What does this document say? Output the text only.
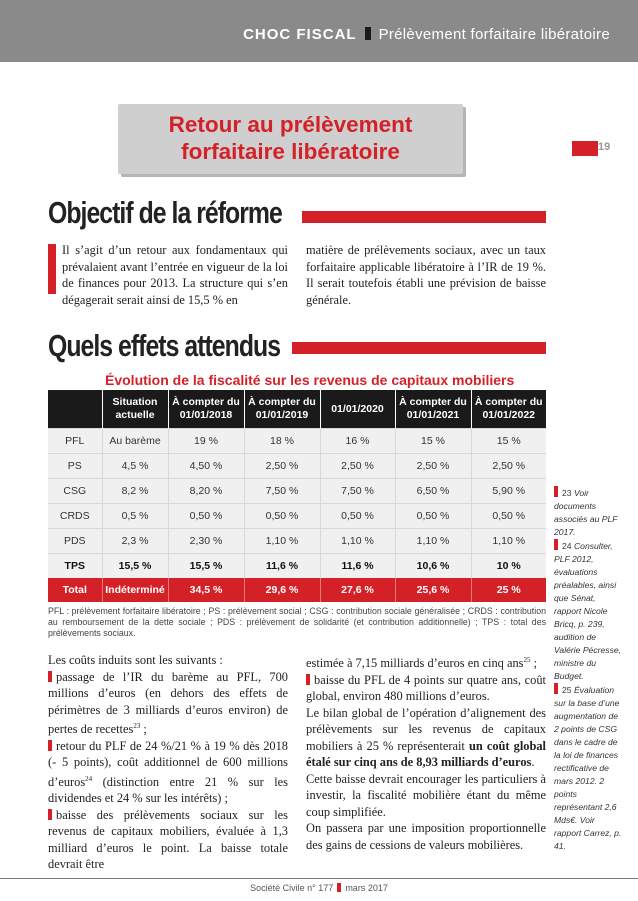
CHOC FISCAL Prélèvement forfaitaire libératoire
Retour au prélèvement
forfaitaire libératoire	19
Objectif de la réforme
Il s’agit d’un retour aux fondamentaux qui prévalaient avant l’entrée en vigueur de la loi de finances pour 2013. La structure qui s’en dégagerait serait ainsi de 15,5 % en
matière de prélèvements sociaux, avec un taux forfaitaire applicable libératoire à l’IR de 19 %. Il serait toutefois établi une prévision de baisse générale.
Quels effets attendus
Évolution de la fiscalité sur les revenus de capitaux mobiliers
	Situation actuelle	À compter du 01/01/2018	À compter du 01/01/2019	01/01/2020	À compter du 01/01/2021	À compter du 01/01/2022
PFL	Au barème	19 %	18 %	16 %	15 %	15 %
PS	4,5 %	4,50 %	2,50 %	2,50 %	2,50 %	2,50 %
CSG	8,2 %	8,20 %	7,50 %	7,50 %	6,50 %	5,90 %
CRDS	0,5 %	0,50 %	0,50 %	0,50 %	0,50 %	0,50 %
PDS	2,3 %	2,30 %	1,10 %	1,10 %	1,10 %	1,10 %
TPS	15,5 %	15,5 %	11,6 %	11,6 %	10,6 %	10 %
Total	Indéterminé	34,5 %	29,6 %	27,6 %	25,6 %	25 %
PFL : prélèvement forfaitaire libératoire ; PS : prélèvement social ; CSG : contribution sociale généralisée ; CRDS : contribution au remboursement de la dette sociale ; PDS : prélèvement de solidarité (et contribution additionnelle) ; TPS : total des prélèvements sociaux.
Les coûts induits sont les suivants :
passage de l’IR du barème au PFL, 700 millions d’euros (en dehors des effets de périmètres de 3 milliards d’euros environ) de pertes de recettes$^{23}$ ;
retour du PLF de 24 %/21 % à 19 % dès 2018 (- 5 points), coût additionnel de 600 millions d’euros$^{24}$ (distinction entre 21 % sur les dividendes et 24 % sur les intérêts) ;
baisse des prélèvements sociaux sur les revenus de capitaux mobiliers, évaluée à 1,3 milliard d’euros le point. La baisse totale devrait être
estimée à 7,15 milliards d’euros en cinq ans$^{25}$ ;
baisse du PFL de 4 points sur quatre ans, coût global, environ 480 millions d’euros.
Le bilan global de l’opération d’alignement des prélèvements sur les revenus de capitaux mobiliers à 25 % représenterait un coût global étalé sur cinq ans de 8,93 milliards d’euros.
Cette baisse devrait encourager les particuliers à investir, la fiscalité mobilière étant du même coup simplifiée.
On passera par une imposition proportionnelle des gains de cessions de valeurs mobilières.

23 Voir documents associés au PLF 2017.

24 Consulter, PLF 2012, évaluations préalables, ainsi que Sénat, rapport Nicole Bricq, p. 239, audition de Valérie Pécresse, ministre du Budget.

25 Évaluation sur la base d’une augmentation de 2 points de CSG dans le cadre de la loi de finances rectificative de mars 2012. 2 points représentant 2,6 Mds€. Voir rapport Carrez, p. 41.

Société Civile n° 177 mars 2017
